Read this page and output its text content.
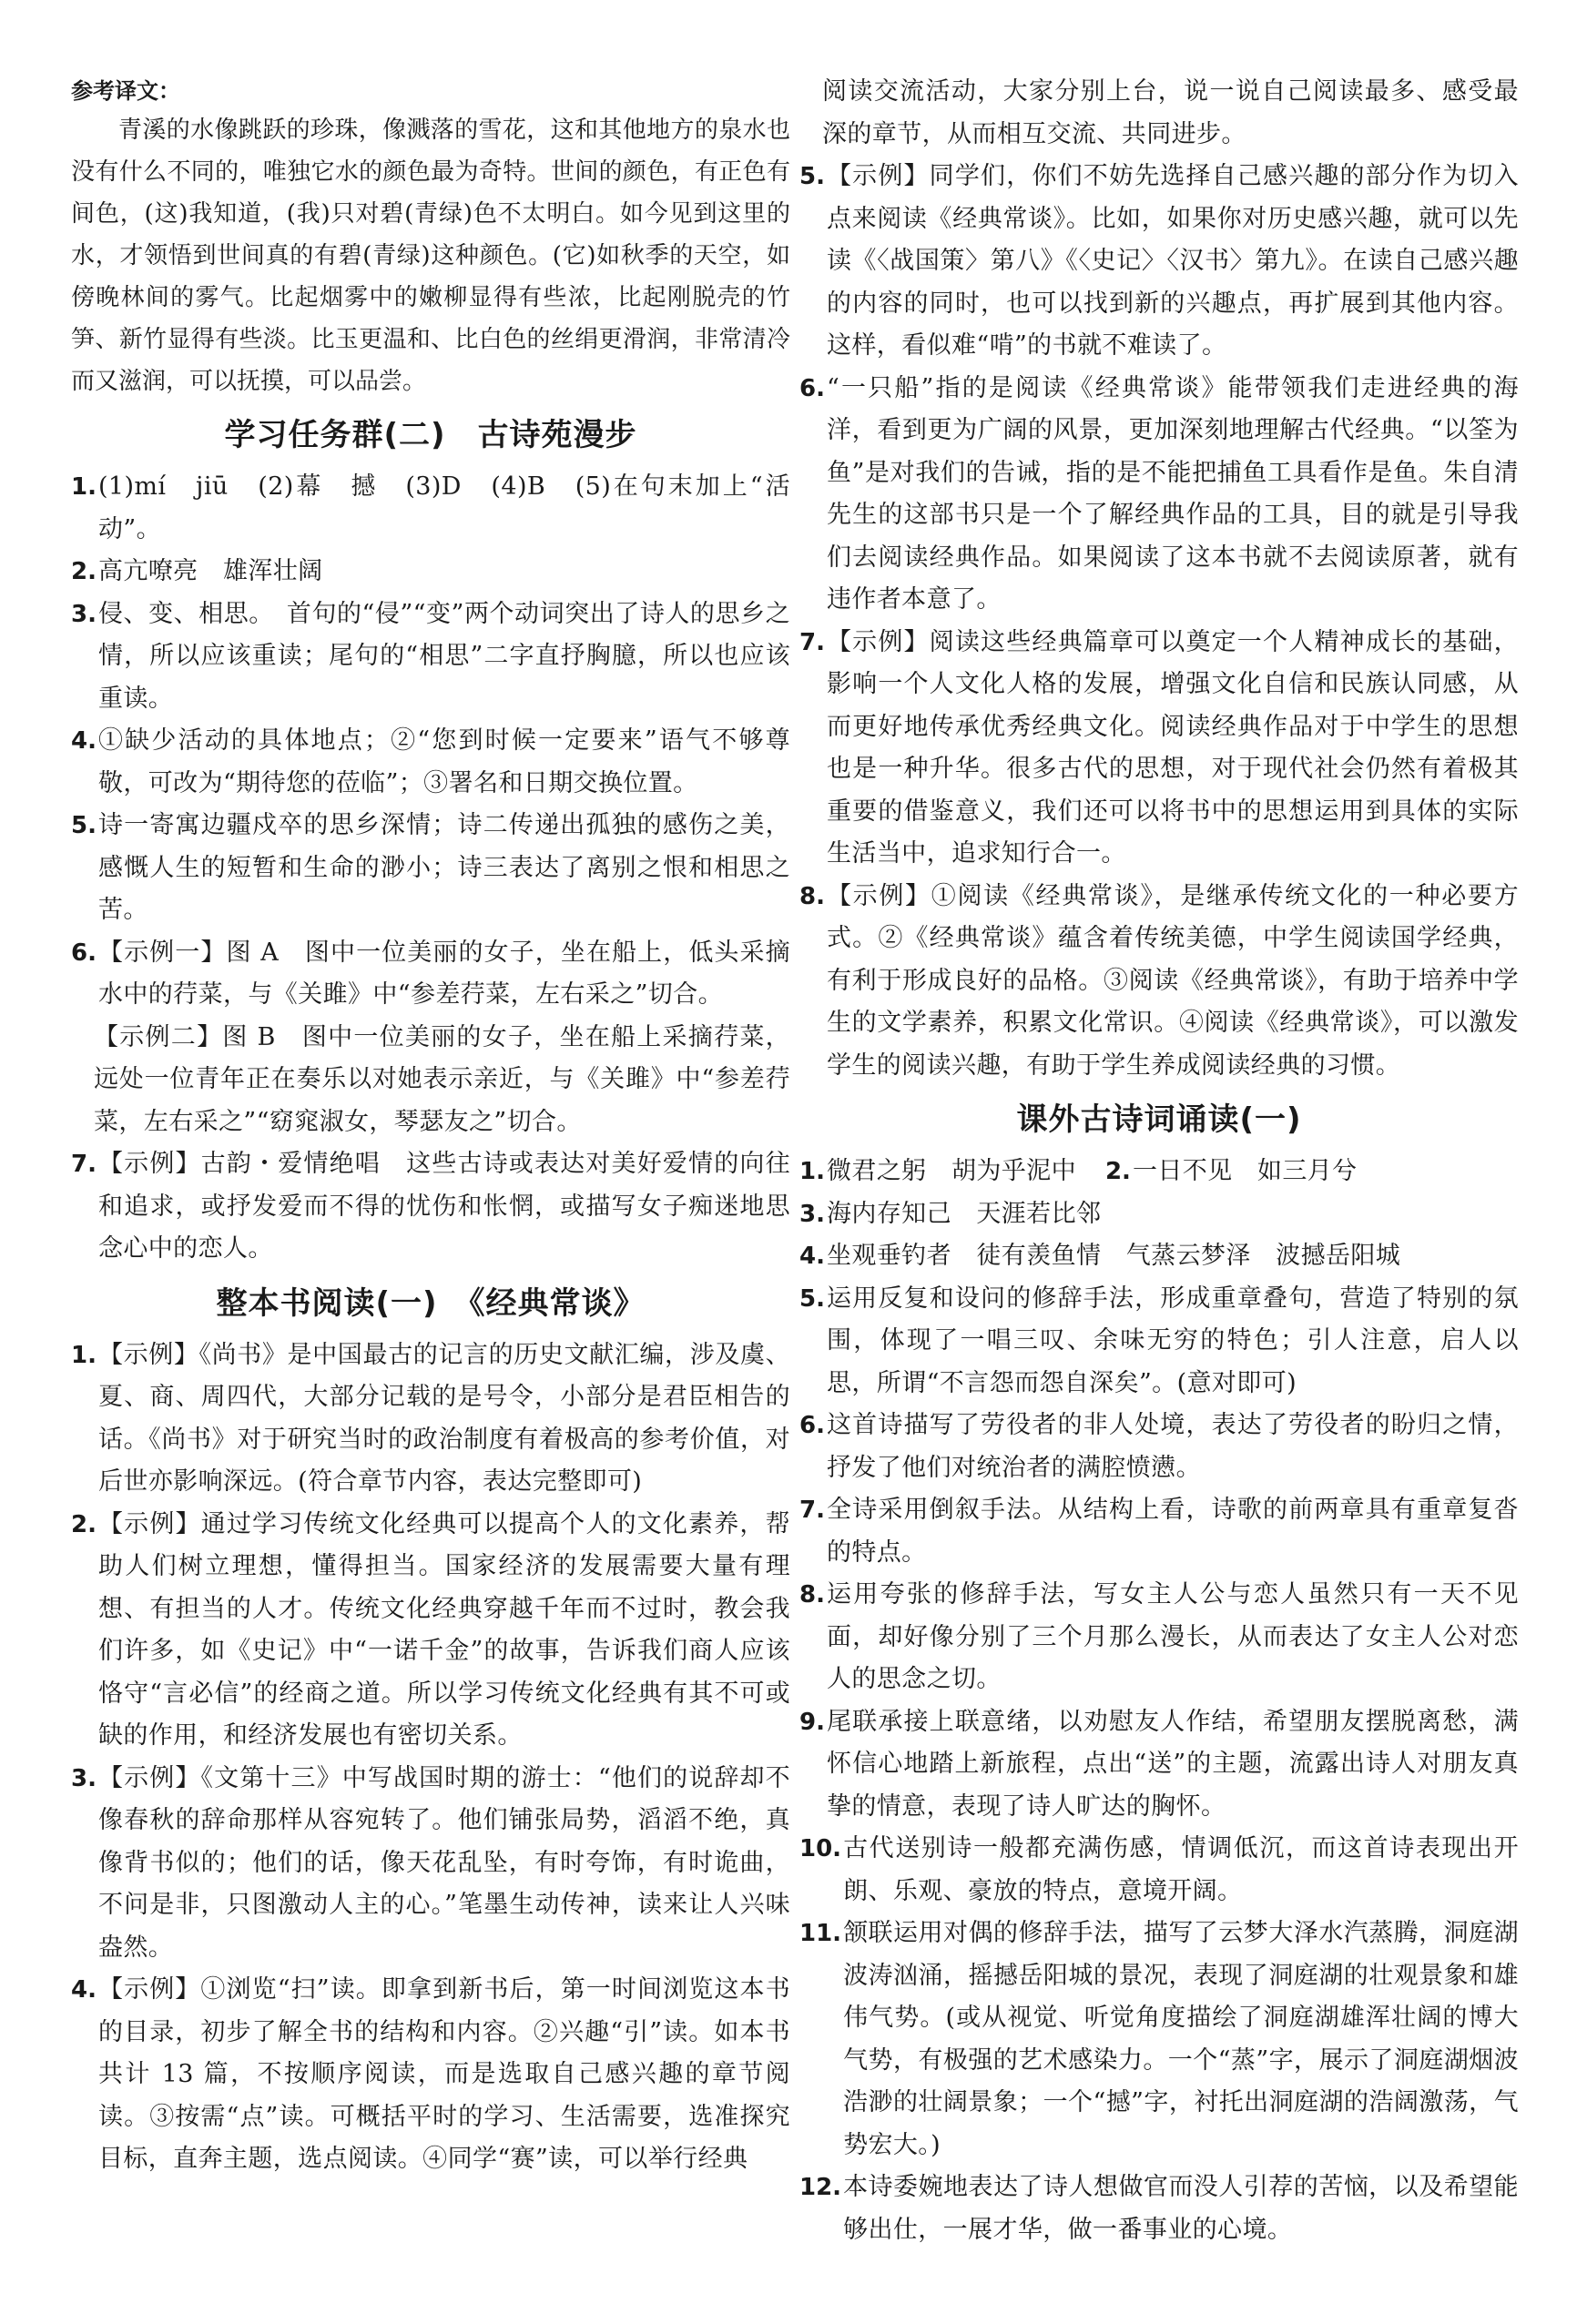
参考译文：

青溪的水像跳跃的珍珠，像溅落的雪花，这和其他地方的泉水也没有什么不同的，唯独它水的颜色最为奇特。世间的颜色，有正色有间色，(这)我知道，(我)只对碧(青绿)色不太明白。如今见到这里的水，才领悟到世间真的有碧(青绿)这种颜色。(它)如秋季的天空，如傍晚林间的雾气。比起烟雾中的嫩柳显得有些浓，比起刚脱壳的竹笋、新竹显得有些淡。比玉更温和、比白色的丝绢更滑润，非常清冷而又滋润，可以抚摸，可以品尝。

学习任务群(二)　古诗苑漫步
1. (1)mí　jiū　(2)幕　撼　(3)D　(4)B　(5)在句末加上“活动”。
2. 高亢嘹亮　雄浑壮阔
3. 侵、变、相思。　首句的“侵”“变”两个动词突出了诗人的思乡之情，所以应该重读；尾句的“相思”二字直抒胸臆，所以也应该重读。
4. ①缺少活动的具体地点；②“您到时候一定要来”语气不够尊敬，可改为“期待您的莅临”；③署名和日期交换位置。
5. 诗一寄寓边疆戍卒的思乡深情；诗二传递出孤独的感伤之美，感慨人生的短暂和生命的渺小；诗三表达了离别之恨和相思之苦。
6. 【示例一】图 A　图中一位美丽的女子，坐在船上，低头采摘水中的荇菜，与《关雎》中“参差荇菜，左右采之”切合。
【示例二】图 B　图中一位美丽的女子，坐在船上采摘荇菜，远处一位青年正在奏乐以对她表示亲近，与《关雎》中“参差荇菜，左右采之”“窈窕淑女，琴瑟友之”切合。
7. 【示例】古韵・爱情绝唱　这些古诗或表达对美好爱情的向往和追求，或抒发爱而不得的忧伤和怅惘，或描写女子痴迷地思念心中的恋人。
整本书阅读(一)　《经典常谈》
1. 【示例】《尚书》是中国最古的记言的历史文献汇编，涉及虞、夏、商、周四代，大部分记载的是号令，小部分是君臣相告的话。《尚书》对于研究当时的政治制度有着极高的参考价值，对后世亦影响深远。(符合章节内容，表达完整即可)
2. 【示例】通过学习传统文化经典可以提高个人的文化素养，帮助人们树立理想，懂得担当。国家经济的发展需要大量有理想、有担当的人才。传统文化经典穿越千年而不过时，教会我们许多，如《史记》中“一诺千金”的故事，告诉我们商人应该恪守“言必信”的经商之道。所以学习传统文化经典有其不可或缺的作用，和经济发展也有密切关系。
3. 【示例】《文第十三》中写战国时期的游士：“他们的说辞却不像春秋的辞命那样从容宛转了。他们铺张局势，滔滔不绝，真像背书似的；他们的话，像天花乱坠，有时夸饰，有时诡曲，不问是非，只图激动人主的心。”笔墨生动传神，读来让人兴味盎然。
4. 【示例】①浏览“扫”读。即拿到新书后，第一时间浏览这本书的目录，初步了解全书的结构和内容。②兴趣“引”读。如本书共计 13 篇，不按顺序阅读，而是选取自己感兴趣的章节阅读。③按需“点”读。可概括平时的学习、生活需要，选准探究目标，直奔主题，选点阅读。④同学“赛”读，可以举行经典
阅读交流活动，大家分别上台，说一说自己阅读最多、感受最深的章节，从而相互交流、共同进步。
5. 【示例】同学们，你们不妨先选择自己感兴趣的部分作为切入点来阅读《经典常谈》。比如，如果你对历史感兴趣，就可以先读《〈战国策〉第八》《〈史记〉〈汉书〉第九》。在读自己感兴趣的内容的同时，也可以找到新的兴趣点，再扩展到其他内容。这样，看似难“啃”的书就不难读了。
6. “一只船”指的是阅读《经典常谈》能带领我们走进经典的海洋，看到更为广阔的风景，更加深刻地理解古代经典。“以筌为鱼”是对我们的告诫，指的是不能把捕鱼工具看作是鱼。朱自清先生的这部书只是一个了解经典作品的工具，目的就是引导我们去阅读经典作品。如果阅读了这本书就不去阅读原著，就有违作者本意了。
7. 【示例】阅读这些经典篇章可以奠定一个人精神成长的基础，影响一个人文化人格的发展，增强文化自信和民族认同感，从而更好地传承优秀经典文化。阅读经典作品对于中学生的思想也是一种升华。很多古代的思想，对于现代社会仍然有着极其重要的借鉴意义，我们还可以将书中的思想运用到具体的实际生活当中，追求知行合一。
8. 【示例】①阅读《经典常谈》，是继承传统文化的一种必要方式。②《经典常谈》蕴含着传统美德，中学生阅读国学经典，有利于形成良好的品格。③阅读《经典常谈》，有助于培养中学生的文学素养，积累文化常识。④阅读《经典常谈》，可以激发学生的阅读兴趣，有助于学生养成阅读经典的习惯。
课外古诗词诵读(一)
1. 微君之躬　胡为乎泥中 2. 一日不见　如三月兮
3. 海内存知己　天涯若比邻
4. 坐观垂钓者　徒有羡鱼情　气蒸云梦泽　波撼岳阳城
5. 运用反复和设问的修辞手法，形成重章叠句，营造了特别的氛围，体现了一唱三叹、余味无穷的特色；引人注意，启人以思，所谓“不言怨而怨自深矣”。(意对即可)
6. 这首诗描写了劳役者的非人处境，表达了劳役者的盼归之情，抒发了他们对统治者的满腔愤懑。
7. 全诗采用倒叙手法。从结构上看，诗歌的前两章具有重章复沓的特点。
8. 运用夸张的修辞手法，写女主人公与恋人虽然只有一天不见面，却好像分别了三个月那么漫长，从而表达了女主人公对恋人的思念之切。
9. 尾联承接上联意绪，以劝慰友人作结，希望朋友摆脱离愁，满怀信心地踏上新旅程，点出“送”的主题，流露出诗人对朋友真挚的情意，表现了诗人旷达的胸怀。
10. 古代送别诗一般都充满伤感，情调低沉，而这首诗表现出开朗、乐观、豪放的特点，意境开阔。
11. 颔联运用对偶的修辞手法，描写了云梦大泽水汽蒸腾，洞庭湖波涛汹涌，摇撼岳阳城的景况，表现了洞庭湖的壮观景象和雄伟气势。(或从视觉、听觉角度描绘了洞庭湖雄浑壮阔的博大气势，有极强的艺术感染力。一个“蒸”字，展示了洞庭湖烟波浩渺的壮阔景象；一个“撼”字，衬托出洞庭湖的浩阔激荡，气势宏大。)
12. 本诗委婉地表达了诗人想做官而没人引荐的苦恼，以及希望能够出仕，一展才华，做一番事业的心境。
